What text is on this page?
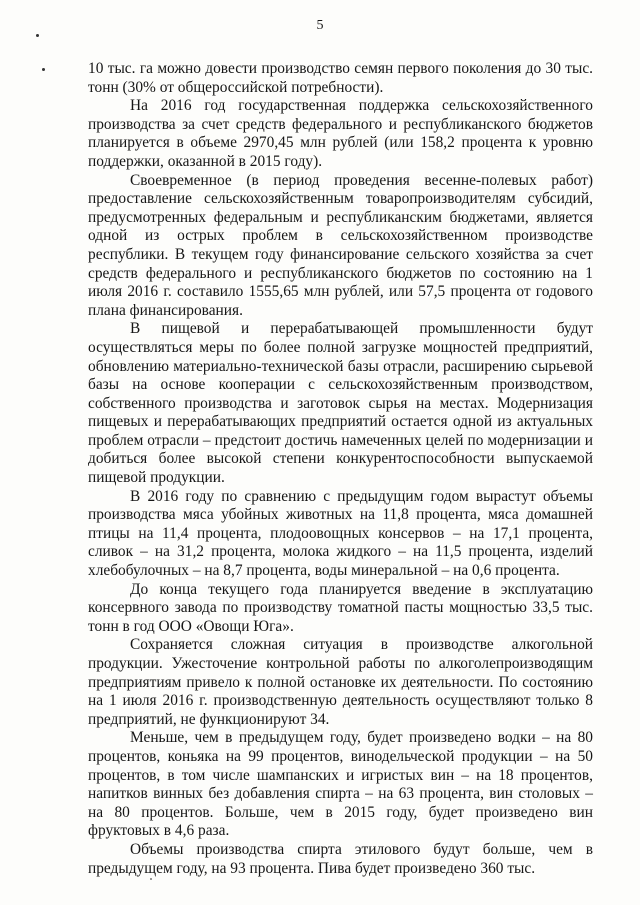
5

10 тыс. га можно довести производство семян первого поколения до 30 тыс. тонн (30% от общероссийской потребности).

На 2016 год государственная поддержка сельскохозяйственного производства за счет средств федерального и республиканского бюджетов планируется в объеме 2970,45 млн рублей (или 158,2 процента к уровню поддержки, оказанной в 2015 году).

Своевременное (в период проведения весенне-полевых работ) предоставление сельскохозяйственным товаропроизводителям субсидий, предусмотренных федеральным и республиканским бюджетами, является одной из острых проблем в сельскохозяйственном производстве республики. В текущем году финансирование сельского хозяйства за счет средств федерального и республиканского бюджетов по состоянию на 1 июля 2016 г. составило 1555,65 млн рублей, или 57,5 процента от годового плана финансирования.

В пищевой и перерабатывающей промышленности будут осуществляться меры по более полной загрузке мощностей предприятий, обновлению материально-технической базы отрасли, расширению сырьевой базы на основе кооперации с сельскохозяйственным производством, собственного производства и заготовок сырья на местах. Модернизация пищевых и перерабатывающих предприятий остается одной из актуальных проблем отрасли – предстоит достичь намеченных целей по модернизации и добиться более высокой степени конкурентоспособности выпускаемой пищевой продукции.

В 2016 году по сравнению с предыдущим годом вырастут объемы производства мяса убойных животных на 11,8 процента, мяса домашней птицы на 11,4 процента, плодоовощных консервов – на 17,1 процента, сливок – на 31,2 процента, молока жидкого – на 11,5 процента, изделий хлебобулочных – на 8,7 процента, воды минеральной – на 0,6 процента.

До конца текущего года планируется введение в эксплуатацию консервного завода по производству томатной пасты мощностью 33,5 тыс. тонн в год ООО «Овощи Юга».

Сохраняется сложная ситуация в производстве алкогольной продукции. Ужесточение контрольной работы по алкоголепроизводящим предприятиям привело к полной остановке их деятельности. По состоянию на 1 июля 2016 г. производственную деятельность осуществляют только 8 предприятий, не функционируют 34.

Меньше, чем в предыдущем году, будет произведено водки – на 80 процентов, коньяка на 99 процентов, винодельческой продукции – на 50 процентов, в том числе шампанских и игристых вин – на 18 процентов, напитков винных без добавления спирта – на 63 процента, вин столовых – на 80 процентов. Больше, чем в 2015 году, будет произведено вин фруктовых в 4,6 раза.

Объемы производства спирта этилового будут больше, чем в предыдущем году, на 93 процента. Пива будет произведено 360 тыс.
